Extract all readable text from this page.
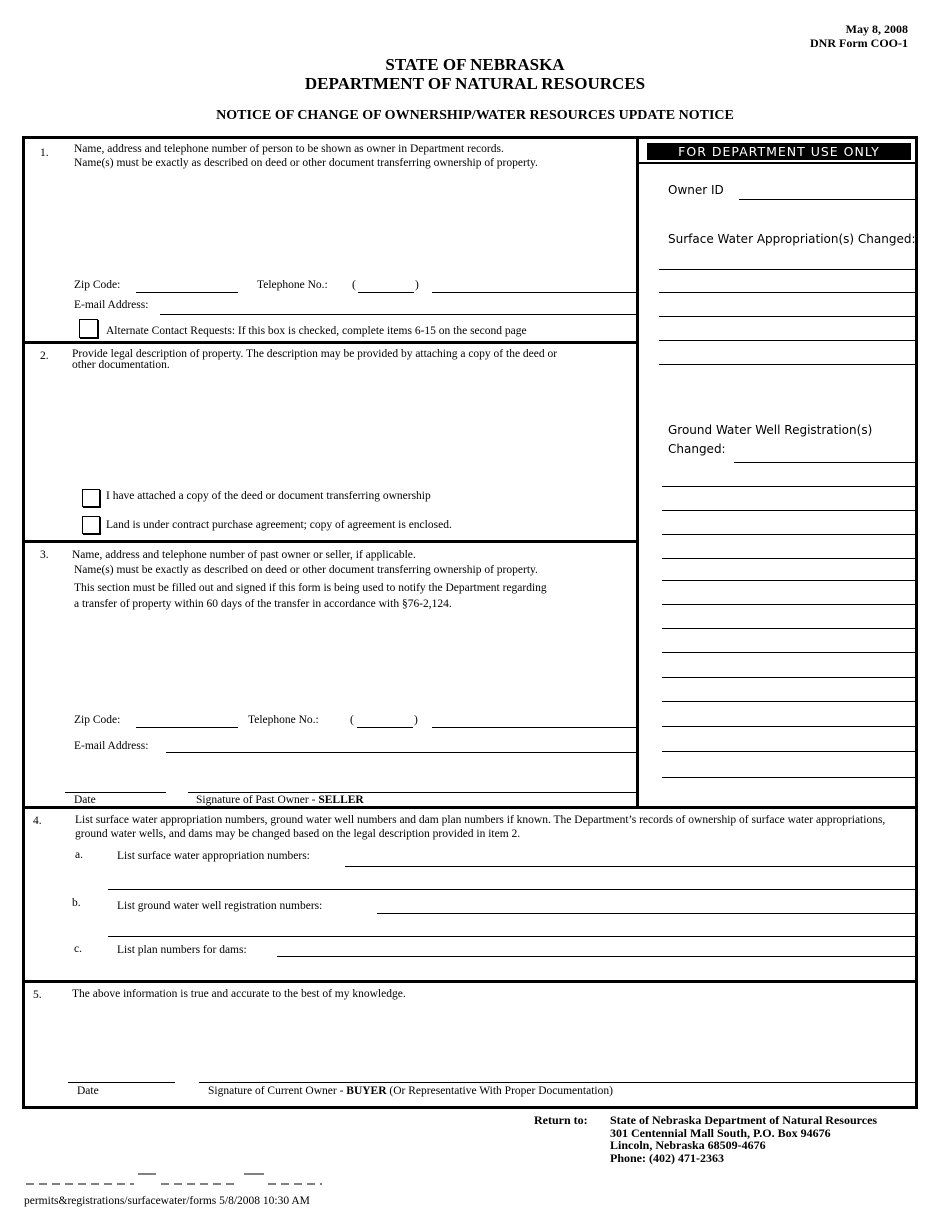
May 8, 2008
DNR Form COO-1
STATE OF NEBRASKA
DEPARTMENT OF NATURAL RESOURCES
NOTICE OF CHANGE OF OWNERSHIP/WATER RESOURCES UPDATE NOTICE
1. Name, address and telephone number of person to be shown as owner in Department records.
Name(s) must be exactly as described on deed or other document transferring ownership of property.
Zip Code:	Telephone No.: (	)
E-mail Address:
Alternate Contact Requests: If this box is checked, complete items 6-15 on the second page
2. Provide legal description of property. The description may be provided by attaching a copy of the deed or
other documentation.
I have attached a copy of the deed or document transferring ownership
Land is under contract purchase agreement; copy of agreement is enclosed.
3. Name, address and telephone number of past owner or seller, if applicable.
Name(s) must be exactly as described on deed or other document transferring ownership of property.
This section must be filled out and signed if this form is being used to notify the Department regarding
a transfer of property within 60 days of the transfer in accordance with §76-2,124.
Zip Code:	Telephone No.:	(	)
E-mail Address:
Date	Signature of Past Owner - SELLER
FOR DEPARTMENT USE ONLY
Owner ID
Surface Water Appropriation(s) Changed:
Ground Water Well Registration(s)
Changed:
4.	List surface water appropriation numbers, ground water well numbers and dam plan numbers if known. The Department’s records of ownership of surface water appropriations,
ground water wells, and dams may be changed based on the legal description provided in item 2.
a.	List surface water appropriation numbers:
b.	List ground water well registration numbers:
c.	List plan numbers for dams:
5.	The above information is true and accurate to the best of my knowledge.
Date	Signature of Current Owner - BUYER (Or Representative With Proper Documentation)
Return to: State of Nebraska Department of Natural Resources
301 Centennial Mall South, P.O. Box 94676
Lincoln, Nebraska 68509-4676
Phone: (402) 471-2363
permits&registrations/surfacewater/forms 5/8/2008 10:30 AM
